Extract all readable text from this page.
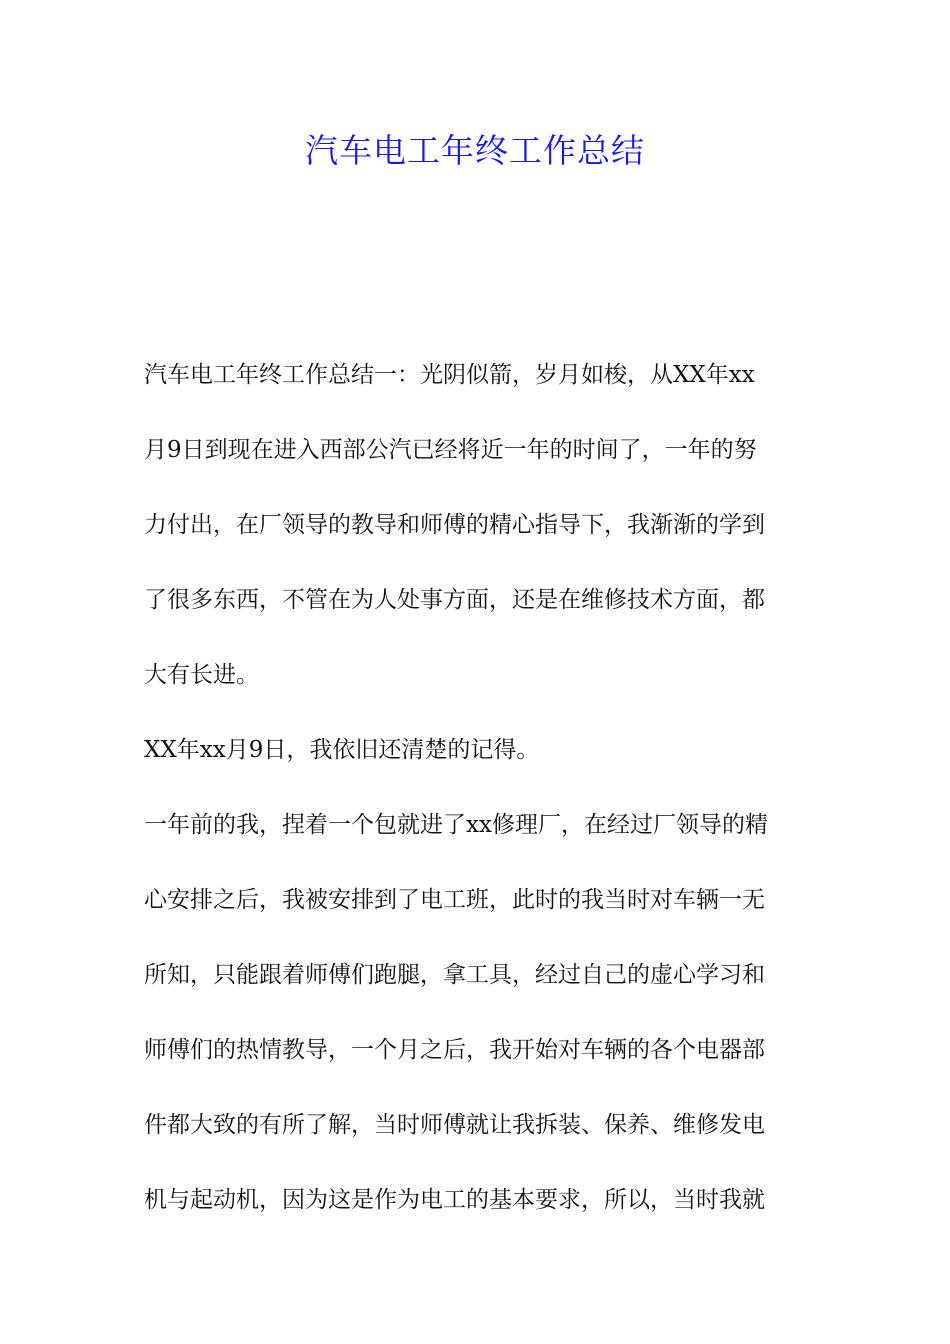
汽车电工年终工作总结

汽车电工年终工作总结一：光阴似箭，岁月如梭，从XX年xx
月9日到现在进入西部公汽已经将近一年的时间了，一年的努
力付出，在厂领导的教导和师傅的精心指导下，我渐渐的学到
了很多东西，不管在为人处事方面，还是在维修技术方面，都
大有长进。

XX年xx月9日，我依旧还清楚的记得。

一年前的我，捏着一个包就进了xx修理厂，在经过厂领导的精
心安排之后，我被安排到了电工班，此时的我当时对车辆一无
所知，只能跟着师傅们跑腿，拿工具，经过自己的虚心学习和
师傅们的热情教导，一个月之后，我开始对车辆的各个电器部
件都大致的有所了解，当时师傅就让我拆装、保养、维修发电
机与起动机，因为这是作为电工的基本要求，所以，当时我就
